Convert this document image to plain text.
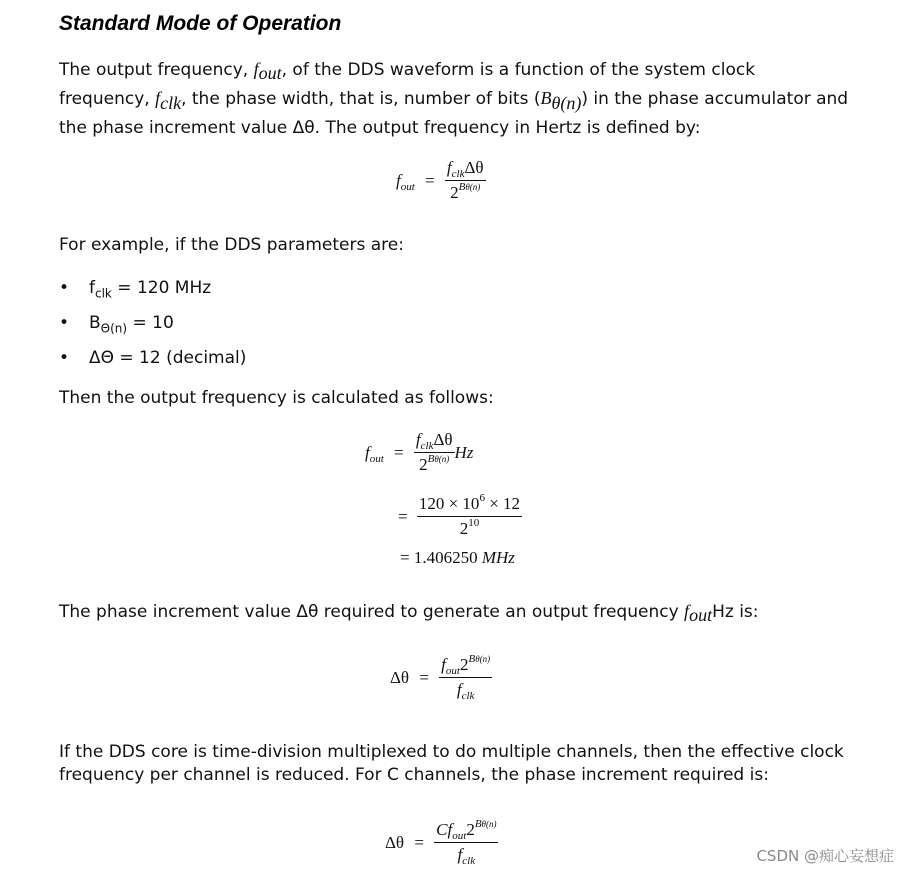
Standard Mode of Operation
The output frequency, $f_{out}$, of the DDS waveform is a function of the system clock
frequency, $f_{clk}$, the phase width, that is, number of bits $(B_{\theta(n)})$ in the phase accumulator and
the phase increment value Δθ. The output frequency in Hertz is defined by:
$f_{out} = \frac{f_{clk}\Delta\theta}{2^{B\theta(n)}}$
For example, if the DDS parameters are:
• $f_{clk} = 120$ MHz
• $B_{\Theta(n)} = 10$
• ΔΘ = 12 (decimal)
Then the output frequency is calculated as follows:
$f_{out} = \frac{f_{clk}\Delta\theta}{2^{B\theta(n)}}$ Hz
= $\frac{120 \times 10^6 \times 12}{2^{10}}$
= 1.406250 MHz
The phase increment value Δθ required to generate an output frequency $f_{out}Hz$ is:
$\Delta\theta = \frac{f_{out}2^{B\theta(n)}}{f_{clk}}$
If the DDS core is time-division multiplexed to do multiple channels, then the effective clock
frequency per channel is reduced. For C channels, the phase increment required is:
$\Delta\theta = \frac{Cf_{out}2^{B\theta(n)}}{f_{clk}}$	CSDN @痴心妄想症
